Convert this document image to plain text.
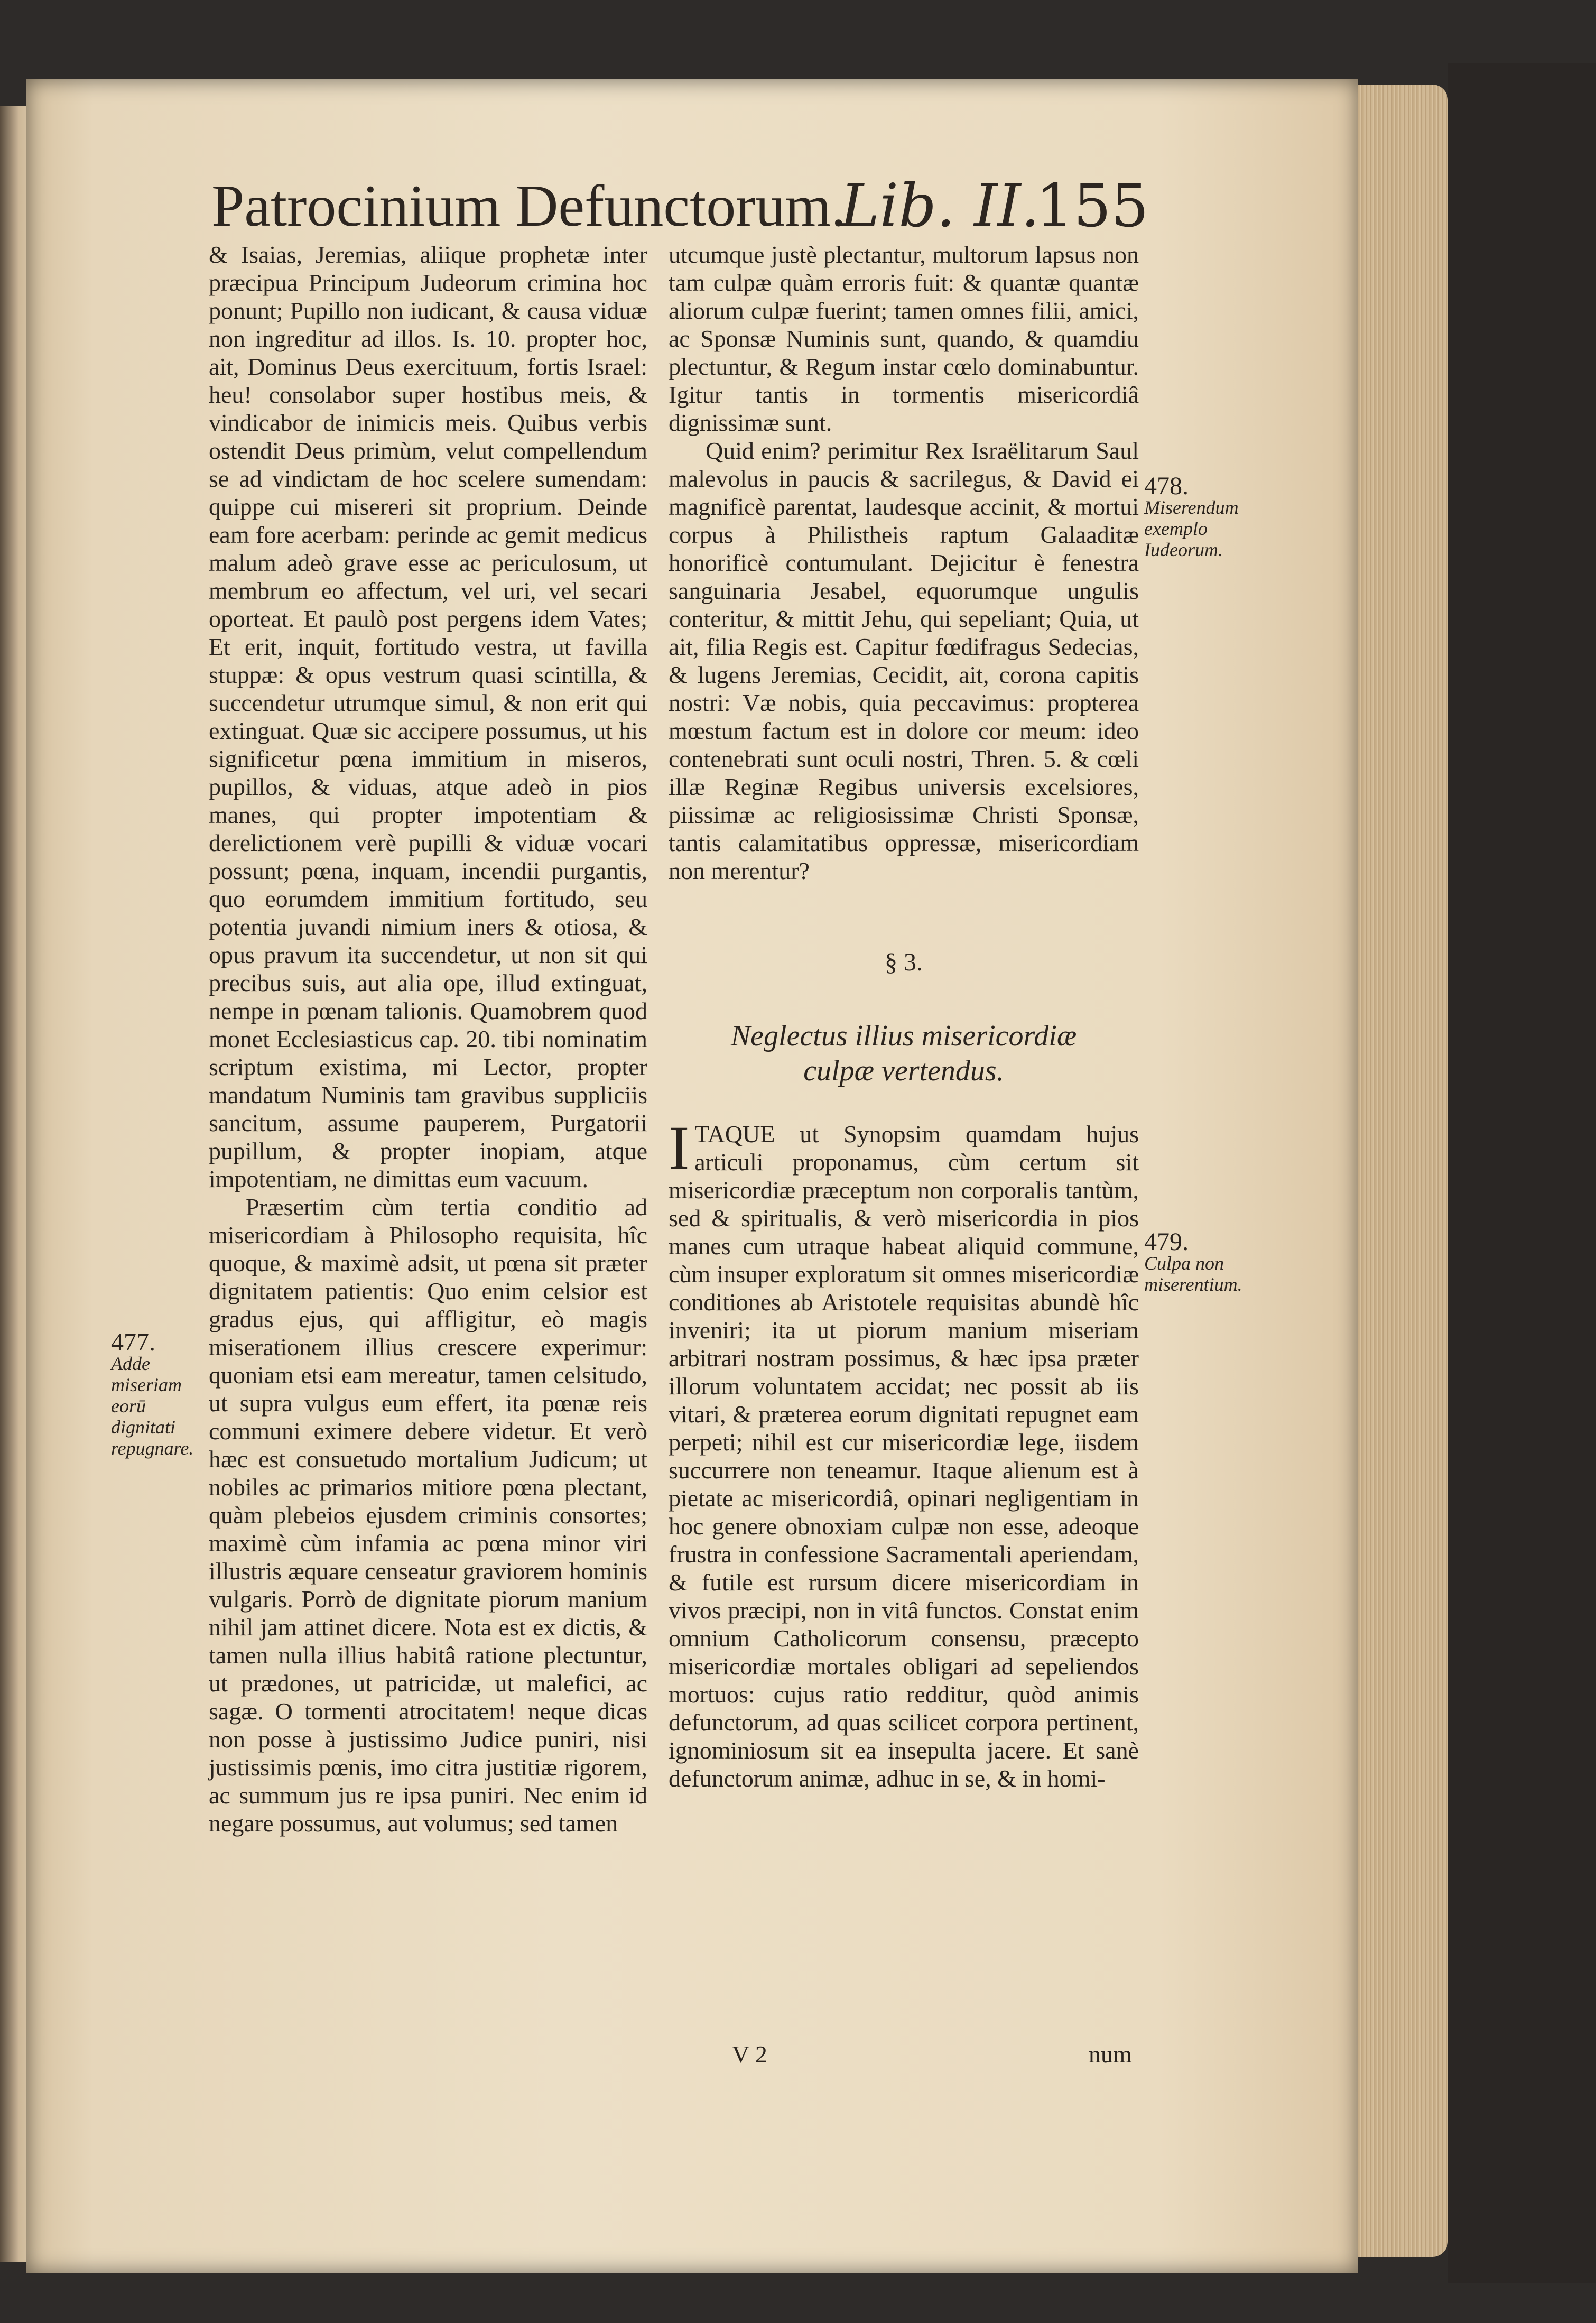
Patrocinium Defunctorum.
Lib. II.
155

& Isaias, Jeremias, aliique prophetæ inter præcipua Principum Judeorum crimina hoc ponunt; Pupillo non iudicant, & causa viduæ non ingreditur ad illos. Is. 10. propter hoc, ait, Dominus Deus exercituum, fortis Israel: heu! consolabor super hostibus meis, & vindicabor de inimicis meis. Quibus verbis ostendit Deus primùm, velut compellendum se ad vindictam de hoc scelere sumendam: quippe cui misereri sit proprium. Deinde eam fore acerbam: perinde ac gemit medicus malum adeò grave esse ac periculosum, ut membrum eo affectum, vel uri, vel secari oporteat. Et paulò post pergens idem Vates; Et erit, inquit, fortitudo vestra, ut favilla stuppæ: & opus vestrum quasi scintilla, & succendetur utrumque simul, & non erit qui extinguat. Quæ sic accipere possumus, ut his significetur pœna immitium in miseros, pupillos, & viduas, atque adeò in pios manes, qui propter impotentiam & derelictionem verè pupilli & viduæ vocari possunt; pœna, inquam, incendii purgantis, quo eorumdem immitium fortitudo, seu potentia juvandi nimium iners & otiosa, & opus pravum ita succendetur, ut non sit qui precibus suis, aut alia ope, illud extinguat, nempe in pœnam talionis. Quamobrem quod monet Ecclesiasticus cap. 20. tibi nominatim scriptum existima, mi Lector, propter mandatum Numinis tam gravibus suppliciis sancitum, assume pauperem, Purgatorii pupillum, & propter inopiam, atque impotentiam, ne dimittas eum vacuum.

Præsertim cùm tertia conditio ad misericordiam à Philosopho requisita, hîc quoque, & maximè adsit, ut pœna sit præter dignitatem patientis: Quo enim celsior est gradus ejus, qui affligitur, eò magis miserationem illius crescere experimur: quoniam etsi eam mereatur, tamen celsitudo, ut supra vulgus eum effert, ita pœnæ reis communi eximere debere videtur. Et verò hæc est consuetudo mortalium Judicum; ut nobiles ac primarios mitiore pœna plectant, quàm plebeios ejusdem criminis consortes; maximè cùm infamia ac pœna minor viri illustris æquare censeatur graviorem hominis vulgaris. Porrò de dignitate piorum manium nihil jam attinet dicere. Nota est ex dictis, & tamen nulla illius habitâ ratione plectuntur, ut prædones, ut patricidæ, ut malefici, ac sagæ. O tormenti atrocitatem! neque dicas non posse à justissimo Judice puniri, nisi justissimis pœnis, imo citra justitiæ rigorem, ac summum jus re ipsa puniri. Nec enim id negare possumus, aut volumus; sed tamen

utcumque justè plectantur, multorum lapsus non tam culpæ quàm erroris fuit: & quantæ quantæ aliorum culpæ fuerint; tamen omnes filii, amici, ac Sponsæ Numinis sunt, quando, & quamdiu plectuntur, & Regum instar cœlo dominabuntur. Igitur tantis in tormentis misericordiâ dignissimæ sunt.

Quid enim? perimitur Rex Israëlitarum Saul malevolus in paucis & sacrilegus, & David ei magnificè parentat, laudesque accinit, & mortui corpus à Philistheis raptum Galaaditæ honorificè contumulant. Dejicitur è fenestra sanguinaria Jesabel, equorumque ungulis conteritur, & mittit Jehu, qui sepeliant; Quia, ut ait, filia Regis est. Capitur fœdifragus Sedecias, & lugens Jeremias, Cecidit, ait, corona capitis nostri: Væ nobis, quia peccavimus: propterea mœstum factum est in dolore cor meum: ideo contenebrati sunt oculi nostri, Thren. 5. & cœli illæ Reginæ Regibus universis excelsiores, piissimæ ac religiosissimæ Christi Sponsæ, tantis calamitatibus oppressæ, misericordiam non merentur?

§ 3.
Neglectus illius misericordiæ
culpæ vertendus.

I TAQUE ut Synopsim quamdam hujus articuli proponamus, cùm certum sit misericordiæ præceptum non corporalis tantùm, sed & spiritualis, & verò misericordia in pios manes cum utraque habeat aliquid commune, cùm insuper exploratum sit omnes misericordiæ conditiones ab Aristotele requisitas abundè hîc inveniri; ita ut piorum manium miseriam arbitrari nostram possimus, & hæc ipsa præter illorum voluntatem accidat; nec possit ab iis vitari, & præterea eorum dignitati repugnet eam perpeti; nihil est cur misericordiæ lege, iisdem succurrere non teneamur. Itaque alienum est à pietate ac misericordiâ, opinari negligentiam in hoc genere obnoxiam culpæ non esse, adeoque frustra in confessione Sacramentali aperiendam, & futile est rursum dicere misericordiam in vivos præcipi, non in vitâ functos. Constat enim omnium Catholicorum consensu, præcepto misericordiæ mortales obligari ad sepeliendos mortuos: cujus ratio redditur, quòd animis defunctorum, ad quas scilicet corpora pertinent, ignominiosum sit ea insepulta jacere. Et sanè defunctorum animæ, adhuc in se, & in homi-

477.
Adde miseriam eorū dignitati repugnare.
478.
Miserendum exemplo Iudeorum.
479.
Culpa non miserentium.
V 2	num
